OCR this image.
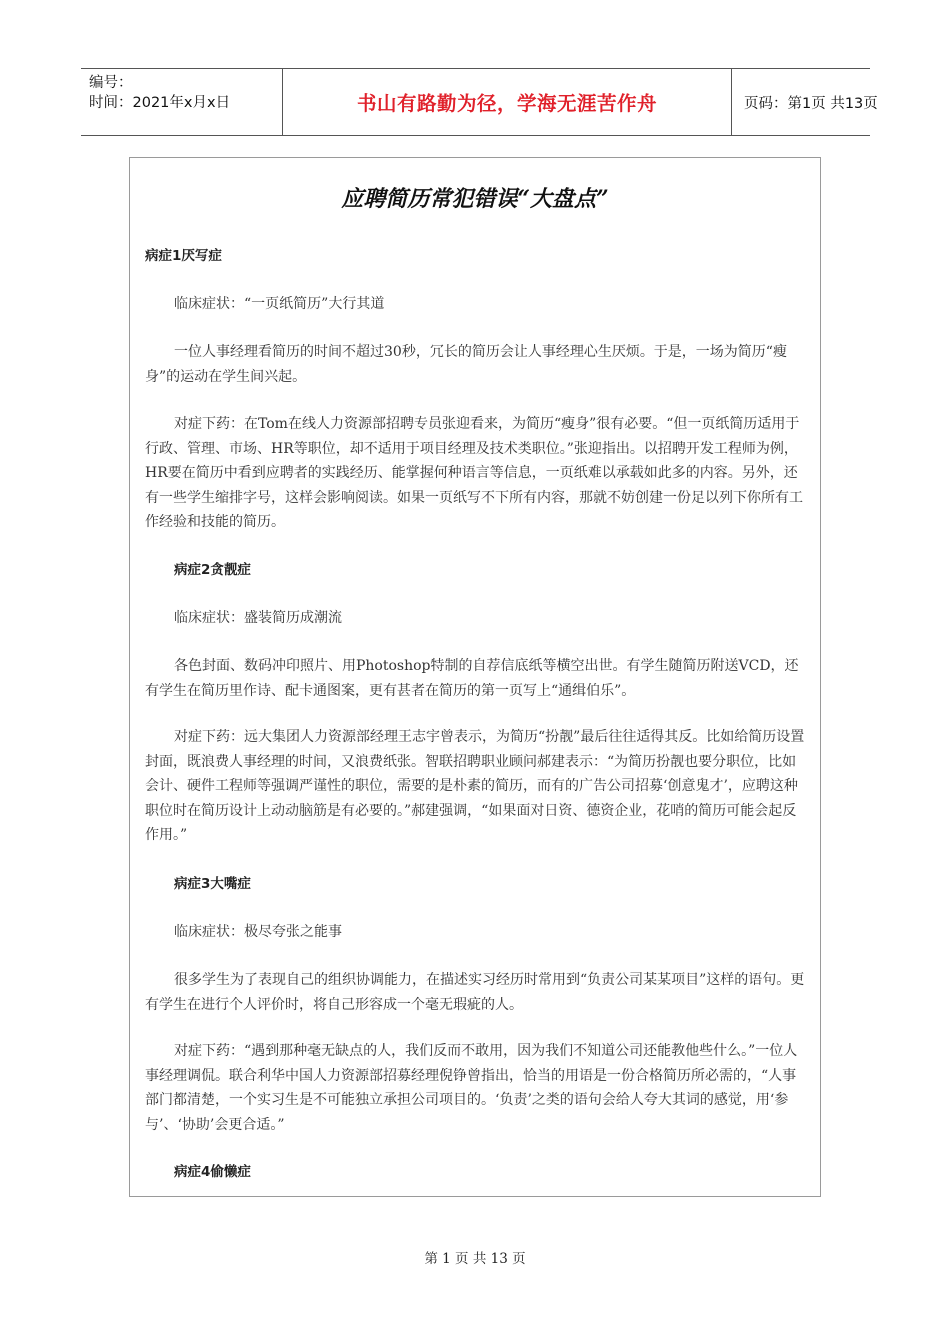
编号：
时间：2021年x月x日	书山有路勤为径，学海无涯苦作舟	页码：第1页 共13页
应聘简历常犯错误“大盘点”
病症1厌写症
临床症状：“一页纸简历”大行其道
一位人事经理看简历的时间不超过30秒，冗长的简历会让人事经理心生厌烦。于是，一场为简历“瘦身”的运动在学生间兴起。
对症下药：在Tom在线人力资源部招聘专员张迎看来，为简历“瘦身”很有必要。“但一页纸简历适用于行政、管理、市场、HR等职位，却不适用于项目经理及技术类职位。”张迎指出。以招聘开发工程师为例，HR要在简历中看到应聘者的实践经历、能掌握何种语言等信息，一页纸难以承载如此多的内容。另外，还有一些学生缩排字号，这样会影响阅读。如果一页纸写不下所有内容，那就不妨创建一份足以列下你所有工作经验和技能的简历。
病症2贪靓症
临床症状：盛装简历成潮流
各色封面、数码冲印照片、用Photoshop特制的自荐信底纸等横空出世。有学生随简历附送VCD，还有学生在简历里作诗、配卡通图案，更有甚者在简历的第一页写上“通缉伯乐”。
对症下药：远大集团人力资源部经理王志宇曾表示，为简历“扮靓”最后往往适得其反。比如给简历设置封面，既浪费人事经理的时间，又浪费纸张。智联招聘职业顾问郝建表示：“为简历扮靓也要分职位，比如会计、硬件工程师等强调严谨性的职位，需要的是朴素的简历，而有的广告公司招募‘创意鬼才’，应聘这种职位时在简历设计上动动脑筋是有必要的。”郝建强调，“如果面对日资、德资企业，花哨的简历可能会起反作用。”
病症3大嘴症
临床症状：极尽夸张之能事
很多学生为了表现自己的组织协调能力，在描述实习经历时常用到“负责公司某某项目”这样的语句。更有学生在进行个人评价时，将自己形容成一个毫无瑕疵的人。
对症下药：“遇到那种毫无缺点的人，我们反而不敢用，因为我们不知道公司还能教他些什么。”一位人事经理调侃。联合利华中国人力资源部招募经理倪铮曾指出，恰当的用语是一份合格简历所必需的，“人事部门都清楚，一个实习生是不可能独立承担公司项目的。‘负责’之类的语句会给人夸大其词的感觉，用‘参与’、‘协助’会更合适。”
病症4偷懒症
第 1 页 共 13 页
